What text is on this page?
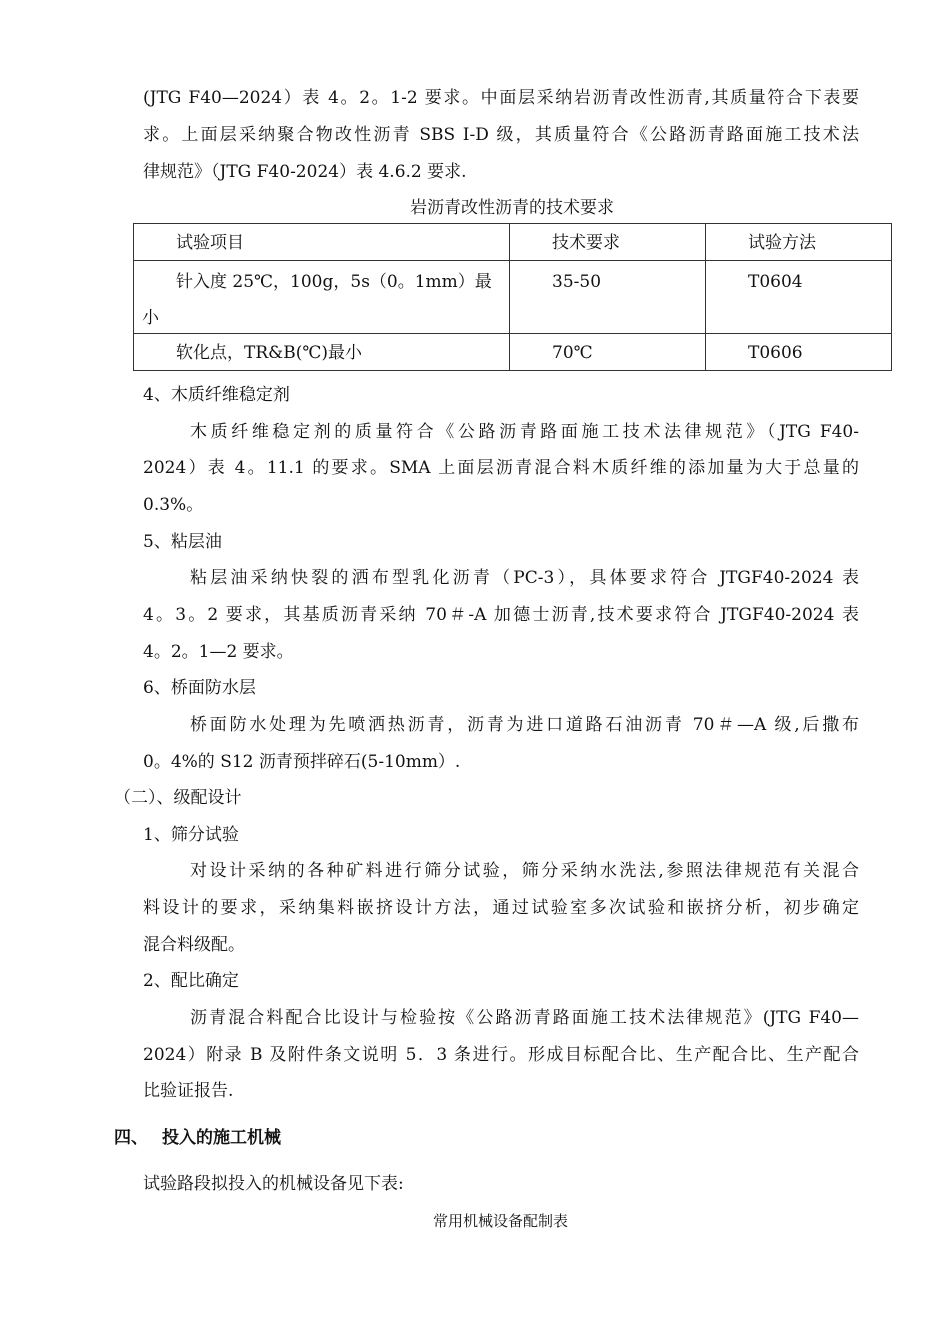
(JTG F40—2024）表 4。2。1-2 要求。中面层采纳岩沥青改性沥青,其质量符合下表要
求。上面层采纳聚合物改性沥青 SBS I-D 级，其质量符合《公路沥青路面施工技术法
律规范》（JTG F40-2024）表 4.6.2 要求.
岩沥青改性沥青的技术要求
试验项目	技术要求	试验方法

针入度 25℃，100g，5s（0。1mm）最
小	35-50	T0604

软化点，TR&B(℃)最小	70℃	T0606
4、木质纤维稳定剂
木质纤维稳定剂的质量符合《公路沥青路面施工技术法律规范》（JTG F40-
2024）表 4。11.1 的要求。SMA 上面层沥青混合料木质纤维的添加量为大于总量的
0.3%。
5、粘层油
粘层油采纳快裂的洒布型乳化沥青（PC-3），具体要求符合 JTGF40-2024 表
4。3。2 要求，其基质沥青采纳 70＃-A 加德士沥青,技术要求符合 JTGF40-2024 表
4。2。1—2 要求。
6、桥面防水层
桥面防水处理为先喷洒热沥青，沥青为进口道路石油沥青 70＃—A 级,后撒布
0。4%的 S12 沥青预拌碎石(5-10mm）.
（二）、级配设计
1、筛分试验
对设计采纳的各种矿料进行筛分试验，筛分采纳水洗法,参照法律规范有关混合
料设计的要求，采纳集料嵌挤设计方法，通过试验室多次试验和嵌挤分析，初步确定
混合料级配。
2、配比确定
沥青混合料配合比设计与检验按《公路沥青路面施工技术法律规范》(JTG F40—
2024）附录 B 及附件条文说明 5．3 条进行。形成目标配合比、生产配合比、生产配合
比验证报告.
四、 投入的施工机械
试验路段拟投入的机械设备见下表:
常用机械设备配制表
